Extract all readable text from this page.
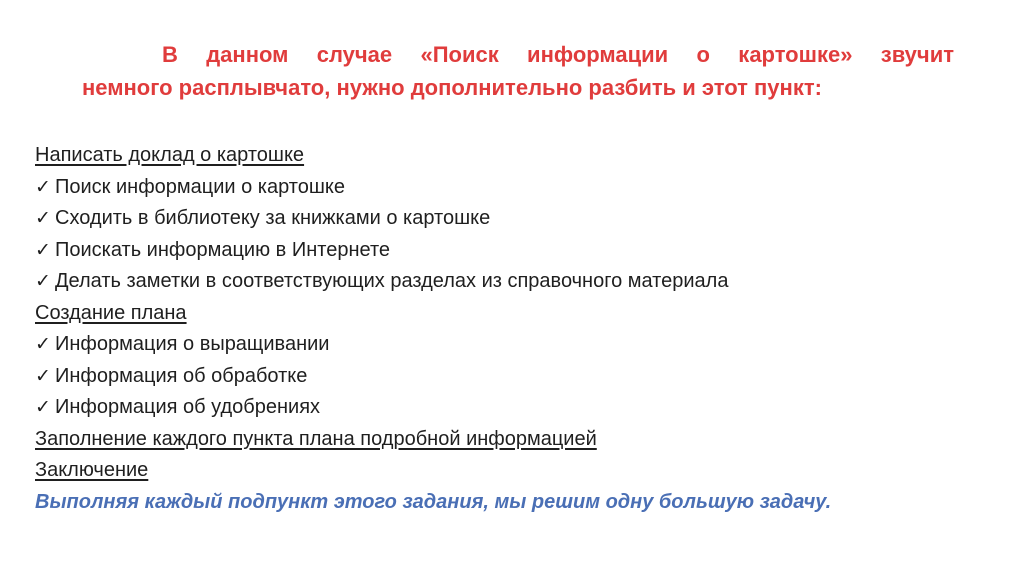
В данном случае «Поиск информации о картошке» звучит
немного расплывчато, нужно дополнительно разбить и этот пункт:
Написать доклад о картошке
✓ Поиск информации о картошке
✓ Сходить в библиотеку за книжками о картошке
✓ Поискать информацию в Интернете
✓ Делать заметки в соответствующих разделах из справочного материала
Создание плана
✓ Информация о выращивании
✓ Информация об обработке
✓ Информация об удобрениях
Заполнение каждого пункта плана подробной информацией
Заключение
Выполняя каждый подпункт этого задания, мы решим одну большую задачу.
